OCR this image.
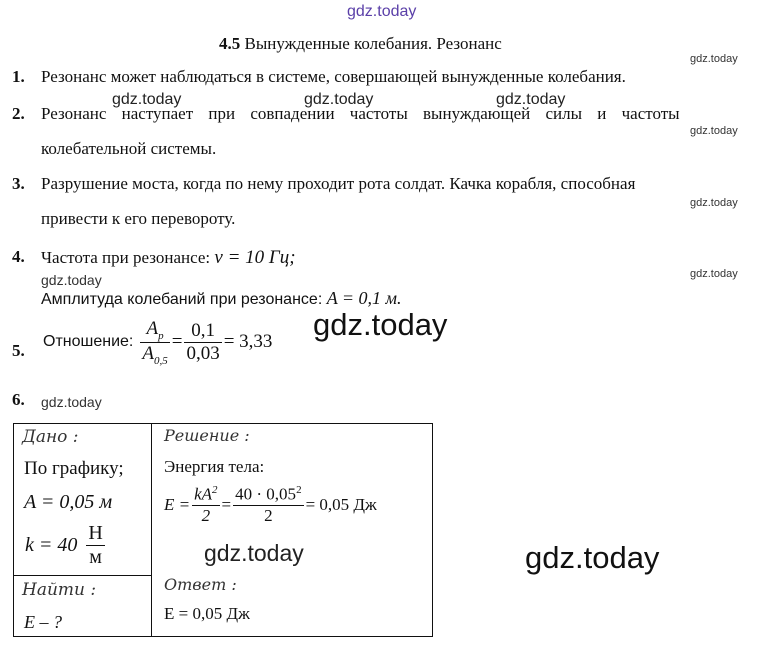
gdz.today
4.5 Вынужденные колебания. Резонанс
gdz.today
gdz.today
gdz.today
gdz.today
1. Резонанс может наблюдаться в системе, совершающей вынужденные колебания.
2. Резонанс наступает при совпадении частоты вынуждающей силы и частоты
колебательной системы.
gdz.today	gdz.today	gdz.today
3. Разрушение моста, когда по нему проходит рота солдат. Качка корабля, способная
привести к его перевороту.
4. Частота при резонансе: ν = 10 Гц;
gdz.today
Амплитуда колебаний при резонансе: A = 0,1 м.
5. Отношение: $\frac{A_p}{A_{0,5}} = \frac{0,1}{0,03} = 3,33$ gdz.today
6. gdz.today
Дано :
По графику;
A = 0,05 м
$k = 40 \frac{Н}{м}$
Найти :
E – ?
Решение :
Энергия тела:
$E = \frac{kA^2}{2} = \frac{40 \cdot 0,05^2}{2} = 0,05$ Дж
gdz.today
Ответ :
E = 0,05 Дж
gdz.today
